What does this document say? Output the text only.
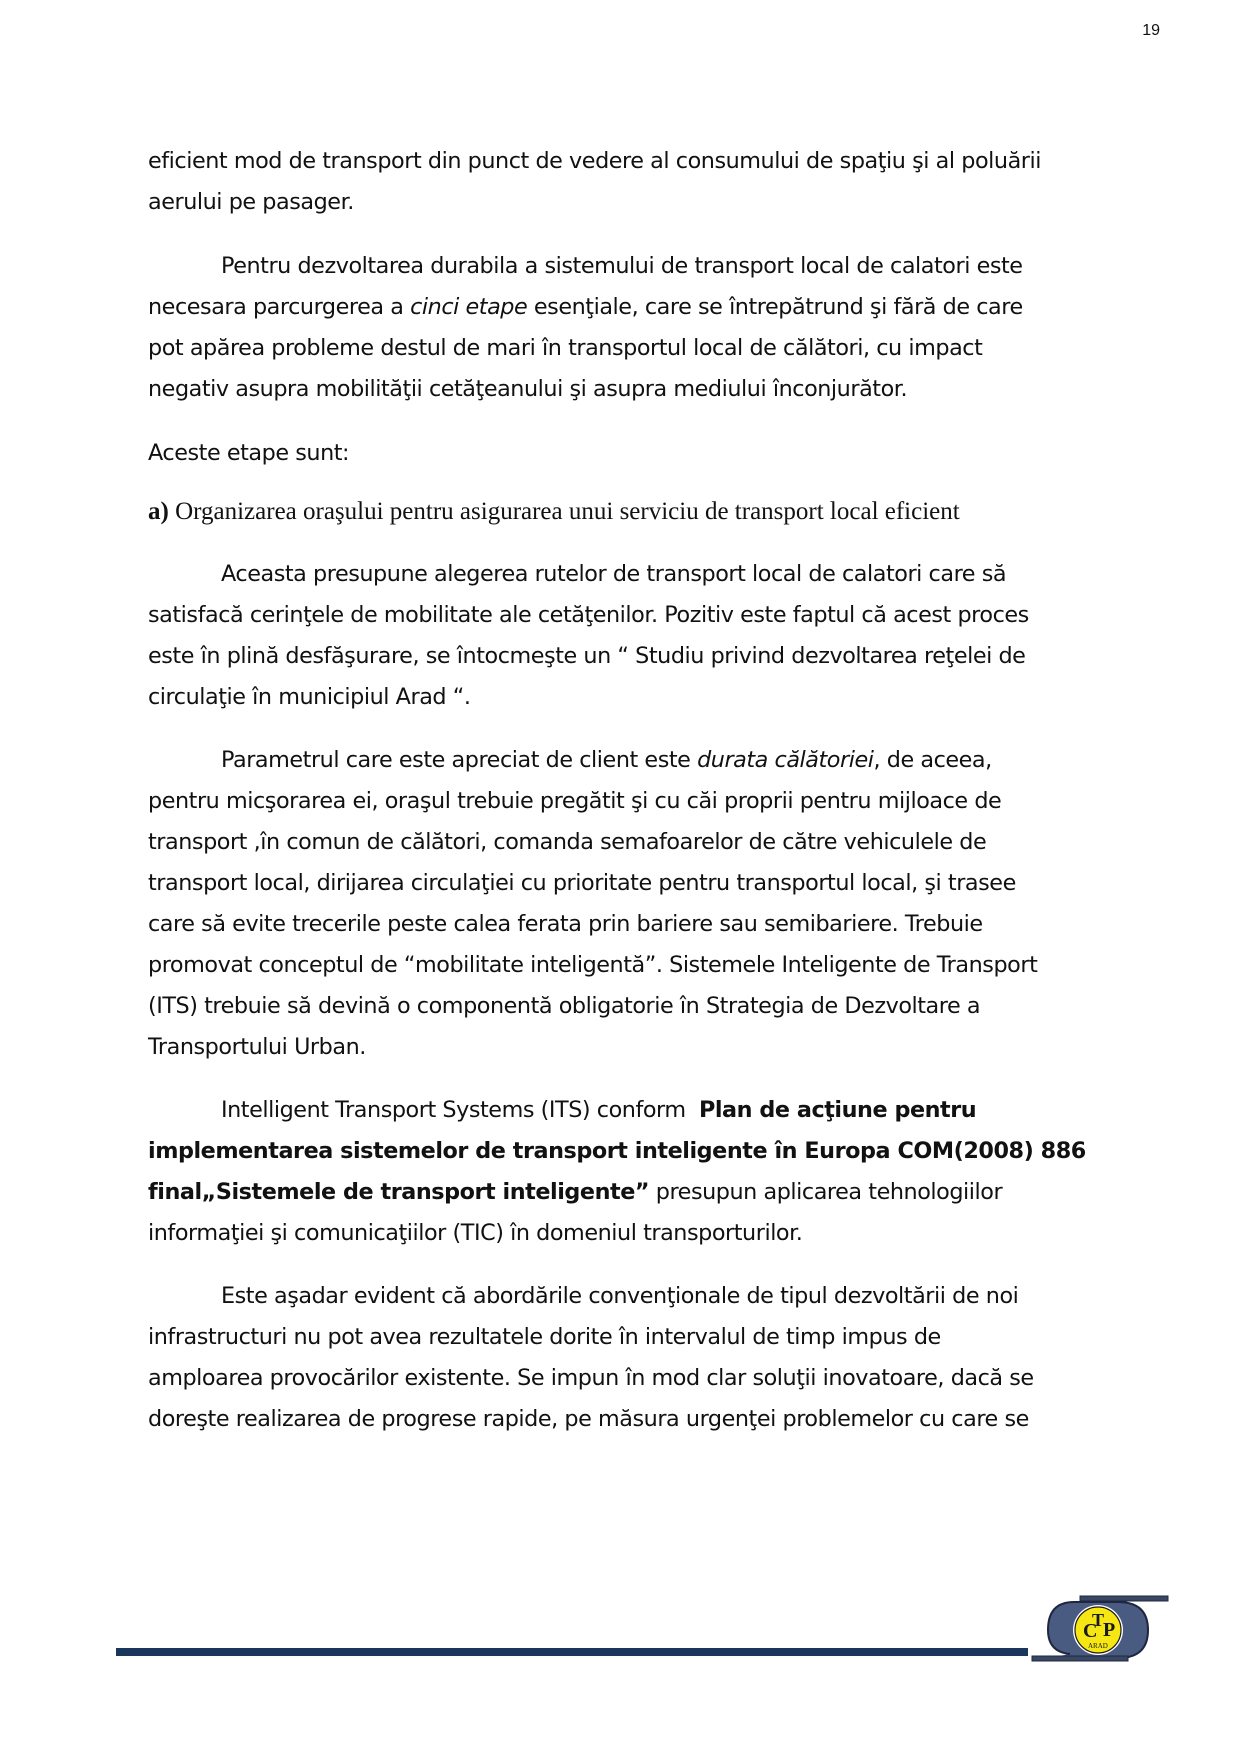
19
eficient mod de transport din punct de vedere al consumului de spaţiu şi al poluării
aerului pe pasager.
Pentru dezvoltarea durabila a sistemului de transport local de calatori este
necesara parcurgerea a cinci etape esenţiale, care se întrepătrund şi fără de care
pot apărea probleme destul de mari în transportul local de călători, cu impact
negativ asupra mobilităţii cetăţeanului şi asupra mediului înconjurător.
Aceste etape sunt:
a) Organizarea oraşului pentru asigurarea unui serviciu de transport local eficient
Aceasta presupune alegerea rutelor de transport local de calatori care să
satisfacă cerinţele de mobilitate ale cetăţenilor. Pozitiv este faptul că acest proces
este în plină desfăşurare, se întocmeşte un “ Studiu privind dezvoltarea reţelei de
circulaţie în municipiul Arad “.
Parametrul care este apreciat de client este durata călătoriei, de aceea,
pentru micşorarea ei, oraşul trebuie pregătit şi cu căi proprii pentru mijloace de
transport ,în comun de călători, comanda semafoarelor de către vehiculele de
transport local, dirijarea circulaţiei cu prioritate pentru transportul local, şi trasee
care să evite trecerile peste calea ferata prin bariere sau semibariere. Trebuie
promovat conceptul de “mobilitate inteligentă”. Sistemele Inteligente de Transport
(ITS) trebuie să devină o componentă obligatorie în Strategia de Dezvoltare a
Transportului Urban.
Intelligent Transport Systems (ITS) conform  Plan de acţiune pentru
implementarea sistemelor de transport inteligente în Europa COM(2008) 886
final„Sistemele de transport inteligente” presupun aplicarea tehnologiilor
informaţiei şi comunicaţiilor (TIC) în domeniul transporturilor.
Este aşadar evident că abordările convenţionale de tipul dezvoltării de noi
infrastructuri nu pot avea rezultatele dorite în intervalul de timp impus de
amploarea provocărilor existente. Se impun în mod clar soluţii inovatoare, dacă se
doreşte realizarea de progrese rapide, pe măsura urgenţei problemelor cu care se
C
T
P
ARAD
